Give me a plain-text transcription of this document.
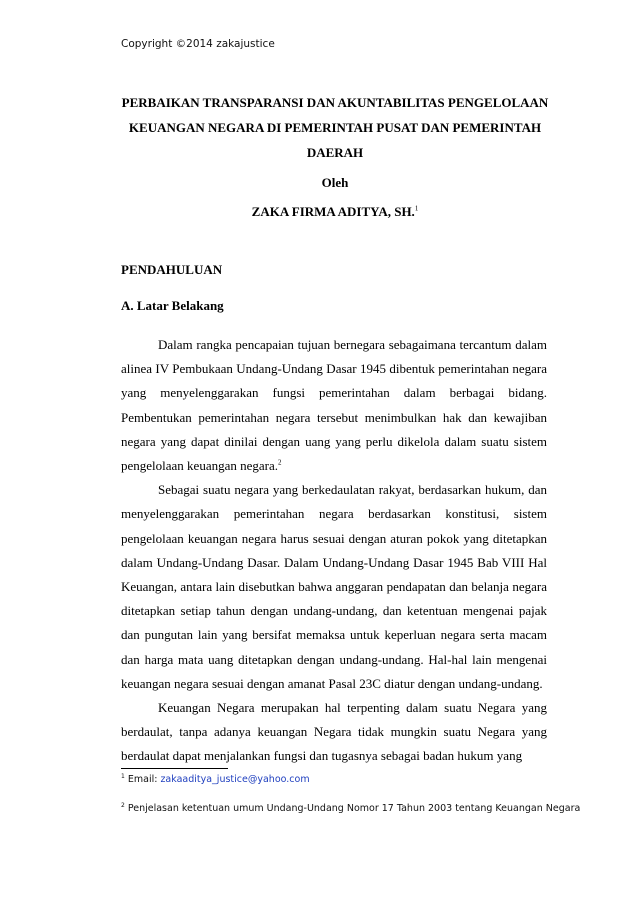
Copyright ©2014 zakajustice
PERBAIKAN TRANSPARANSI DAN AKUNTABILITAS PENGELOLAAN
KEUANGAN NEGARA DI PEMERINTAH PUSAT DAN PEMERINTAH
DAERAH
Oleh
ZAKA FIRMA ADITYA, SH.$^1$
PENDAHULUAN
A. Latar Belakang

Dalam rangka pencapaian tujuan bernegara sebagaimana tercantum dalam alinea IV Pembukaan Undang-Undang Dasar 1945 dibentuk pemerintahan negara yang menyelenggarakan fungsi pemerintahan dalam berbagai bidang. Pembentukan pemerintahan negara tersebut menimbulkan hak dan kewajiban negara yang dapat dinilai dengan uang yang perlu dikelola dalam suatu sistem pengelolaan keuangan negara.$^2$

Sebagai suatu negara yang berkedaulatan rakyat, berdasarkan hukum, dan menyelenggarakan pemerintahan negara berdasarkan konstitusi, sistem pengelolaan keuangan negara harus sesuai dengan aturan pokok yang ditetapkan dalam Undang-Undang Dasar. Dalam Undang-Undang Dasar 1945 Bab VIII Hal Keuangan, antara lain disebutkan bahwa anggaran pendapatan dan belanja negara ditetapkan setiap tahun dengan undang-undang, dan ketentuan mengenai pajak dan pungutan lain yang bersifat memaksa untuk keperluan negara serta macam dan harga mata uang ditetapkan dengan undang-undang. Hal-hal lain mengenai keuangan negara sesuai dengan amanat Pasal 23C diatur dengan undang-undang.

Keuangan Negara merupakan hal terpenting dalam suatu Negara yang berdaulat, tanpa adanya keuangan Negara tidak mungkin suatu Negara yang berdaulat dapat menjalankan fungsi dan tugasnya sebagai badan hukum yang

$^1$ Email: zakaaditya_justice@yahoo.com
$^2$ Penjelasan ketentuan umum Undang-Undang Nomor 17 Tahun 2003 tentang Keuangan Negara
